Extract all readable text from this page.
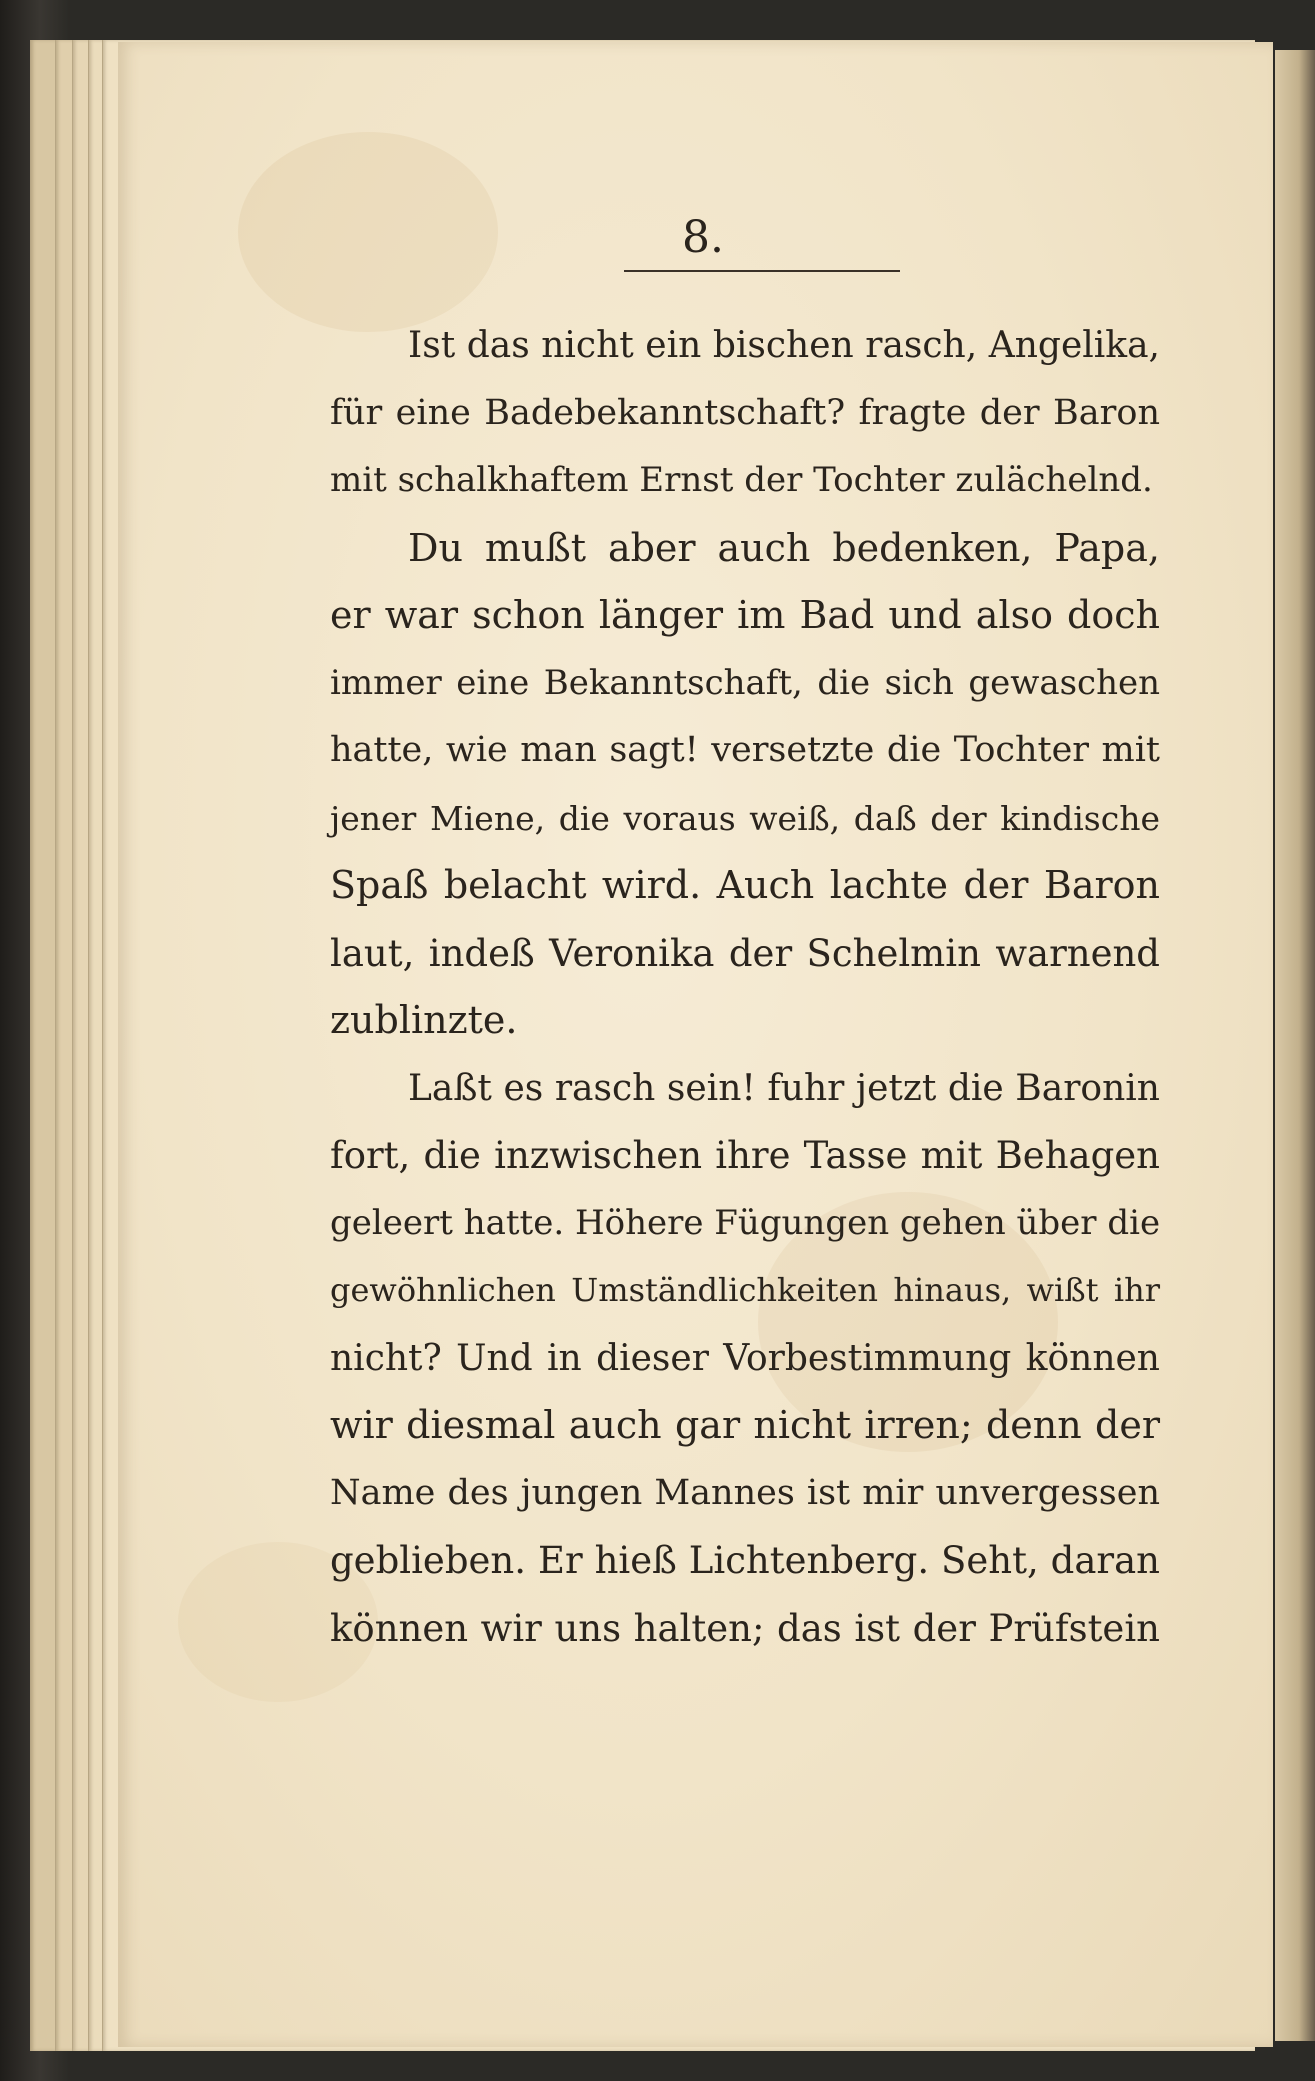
8.
Ist das nicht ein bischen rasch, Angelika,
für eine Badebekanntschaft? fragte der Baron
mit schalkhaftem Ernst der Tochter zulächelnd.
Du mußt aber auch bedenken, Papa,
er war schon länger im Bad und also doch
immer eine Bekanntschaft, die sich gewaschen
hatte, wie man sagt! versetzte die Tochter mit
jener Miene, die voraus weiß, daß der kindische
Spaß belacht wird. Auch lachte der Baron
laut, indeß Veronika der Schelmin warnend
zublinzte.
Laßt es rasch sein! fuhr jetzt die Baronin
fort, die inzwischen ihre Tasse mit Behagen
geleert hatte. Höhere Fügungen gehen über die
gewöhnlichen Umständlichkeiten hinaus, wißt ihr
nicht? Und in dieser Vorbestimmung können
wir diesmal auch gar nicht irren; denn der
Name des jungen Mannes ist mir unvergessen
geblieben. Er hieß Lichtenberg. Seht, daran
können wir uns halten; das ist der Prüfstein
